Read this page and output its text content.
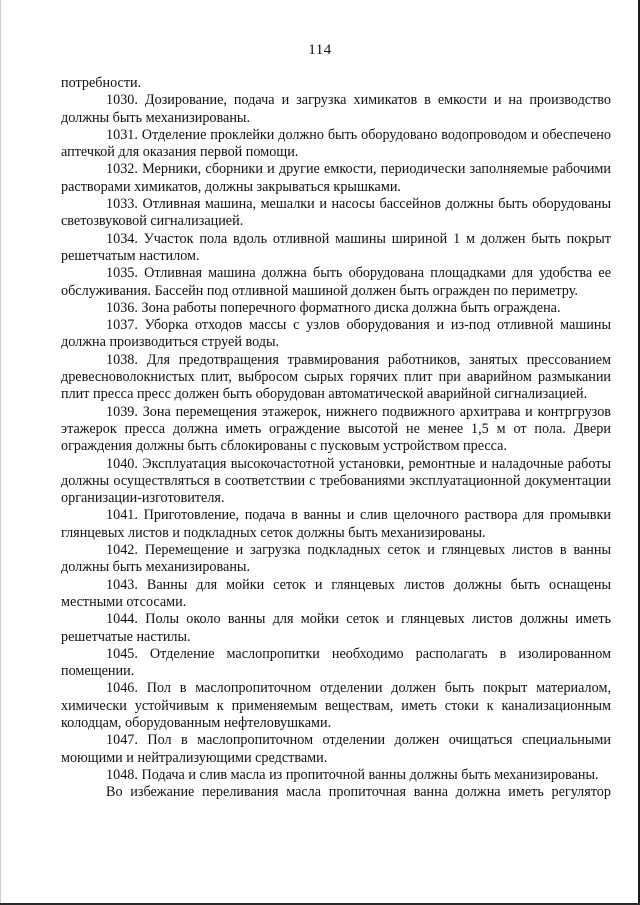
114

потребности.

1030. Дозирование, подача и загрузка химикатов в емкости и на производство должны быть механизированы.

1031. Отделение проклейки должно быть оборудовано водопроводом и обеспечено аптечкой для оказания первой помощи.

1032. Мерники, сборники и другие емкости, периодически заполняемые рабочими растворами химикатов, должны закрываться крышками.

1033. Отливная машина, мешалки и насосы бассейнов должны быть оборудованы светозвуковой сигнализацией.

1034. Участок пола вдоль отливной машины шириной 1 м должен быть покрыт решетчатым настилом.

1035. Отливная машина должна быть оборудована площадками для удобства ее обслуживания. Бассейн под отливной машиной должен быть огражден по периметру.

1036. Зона работы поперечного форматного диска должна быть ограждена.

1037. Уборка отходов массы с узлов оборудования и из-под отливной машины должна производиться струей воды.

1038. Для предотвращения травмирования работников, занятых прессованием древесноволокнистых плит, выбросом сырых горячих плит при аварийном размыкании плит пресса пресс должен быть оборудован автоматической аварийной сигнализацией.

1039. Зона перемещения этажерок, нижнего подвижного архитрава и контргрузов этажерок пресса должна иметь ограждение высотой не менее 1,5 м от пола. Двери ограждения должны быть сблокированы с пусковым устройством пресса.

1040. Эксплуатация высокочастотной установки, ремонтные и наладочные работы должны осуществляться в соответствии с требованиями эксплуатационной документации организации-изготовителя.

1041. Приготовление, подача в ванны и слив щелочного раствора для промывки глянцевых листов и подкладных сеток должны быть механизированы.

1042. Перемещение и загрузка подкладных сеток и глянцевых листов в ванны должны быть механизированы.

1043. Ванны для мойки сеток и глянцевых листов должны быть оснащены местными отсосами.

1044. Полы около ванны для мойки сеток и глянцевых листов должны иметь решетчатые настилы.

1045. Отделение маслопропитки необходимо располагать в изолированном помещении.

1046. Пол в маслопропиточном отделении должен быть покрыт материалом, химически устойчивым к применяемым веществам, иметь стоки к канализационным колодцам, оборудованным нефтеловушками.

1047. Пол в маслопропиточном отделении должен очищаться специальными моющими и нейтрализующими средствами.

1048. Подача и слив масла из пропиточной ванны должны быть механизированы.

Во избежание переливания масла пропиточная ванна должна иметь регулятор
